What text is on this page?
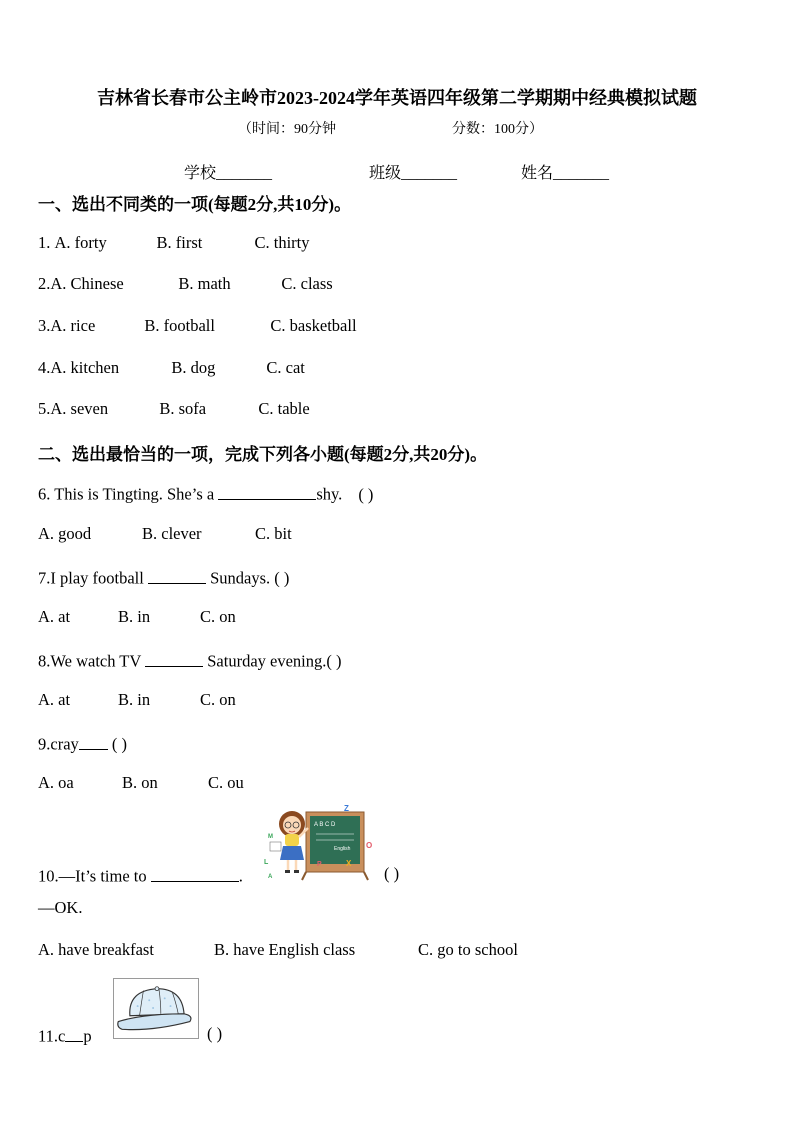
吉林省长春市公主岭市2023-2024学年英语四年级第二学期期中经典模拟试题
（时间：90分钟	分数：100分）
学校_______	班级_______	姓名_______
一、选出不同类的一项(每题2分,共10分)。
1. A. forty	B. first	C. thirty
2.A. Chinese	B. math	C. class
3.A. rice	B. football	C. basketball
4.A. kitchen	B. dog	C. cat
5.A. seven	B. sofa	C. table
二、选出最恰当的一项，完成下列各小题(每题2分,共20分)。
6. This is Tingting. She’s a	shy. ( )
A. good	B. clever	C. bit
7.I play football	Sundays. ( )
A. at	B. in	C. on
8.We watch TV	Saturday evening.( )
A. at	B. in	C. on
9.cray ( )
A. oa	B. on	C. ou
A B C D
English
Z
O
X
P
L
M
A
10.—It’s time to	.	( )
—OK.
A. have breakfast	B. have English class	C. go to school
11.c p	( )
